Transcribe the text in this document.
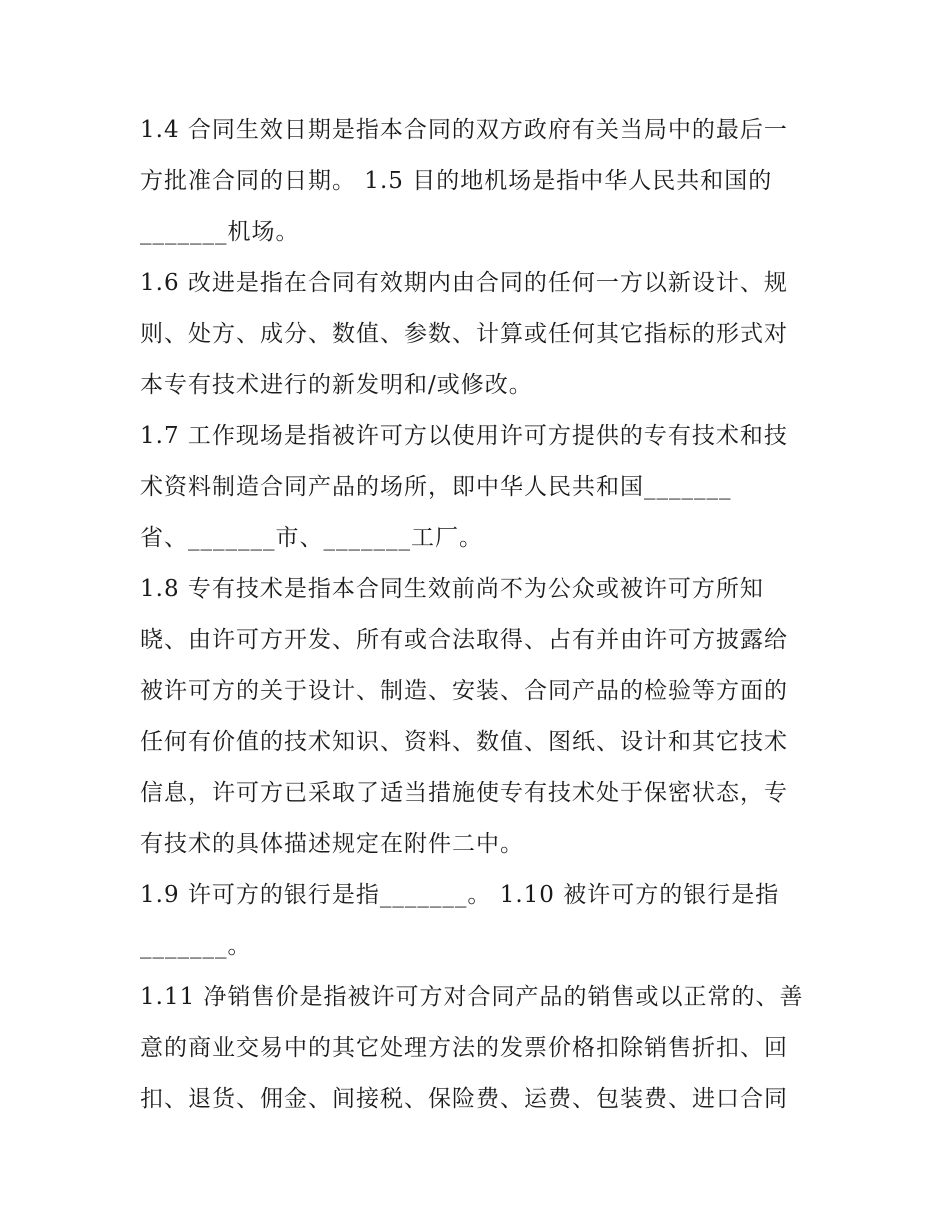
1.4 合同生效日期是指本合同的双方政府有关当局中的最后一
方批准合同的日期。 1.5 目的地机场是指中华人民共和国的
_______机场。
1.6 改进是指在合同有效期内由合同的任何一方以新设计、规
则、处方、成分、数值、参数、计算或任何其它指标的形式对
本专有技术进行的新发明和/或修改。
1.7 工作现场是指被许可方以使用许可方提供的专有技术和技
术资料制造合同产品的场所，即中华人民共和国_______
省、_______市、_______工厂。
1.8 专有技术是指本合同生效前尚不为公众或被许可方所知
晓、由许可方开发、所有或合法取得、占有并由许可方披露给
被许可方的关于设计、制造、安装、合同产品的检验等方面的
任何有价值的技术知识、资料、数值、图纸、设计和其它技术
信息，许可方已采取了适当措施使专有技术处于保密状态，专
有技术的具体描述规定在附件二中。
1.9 许可方的银行是指_______。 1.10 被许可方的银行是指
_______。
1.11 净销售价是指被许可方对合同产品的销售或以正常的、善
意的商业交易中的其它处理方法的发票价格扣除销售折扣、回
扣、退货、佣金、间接税、保险费、运费、包装费、进口合同
